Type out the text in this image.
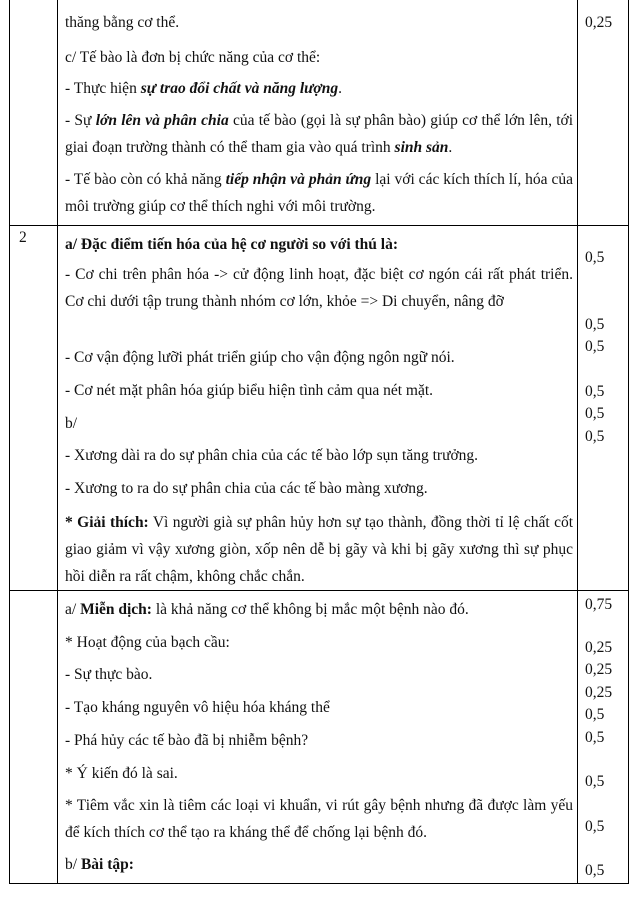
thăng bằng cơ thể.	0,25
c/ Tế bào là đơn bị chức năng của cơ thể:
- Thực hiện sự trao đổi chất và năng lượng.
- Sự lớn lên và phân chia của tế bào (gọi là sự phân bào) giúp cơ thể lớn lên, tới giai đoạn trường thành có thể tham gia vào quá trình sinh sản.
- Tế bào còn có khả năng tiếp nhận và phản ứng lại với các kích thích lí, hóa của môi trường giúp cơ thể thích nghi với môi trường.
2 a/ Đặc điểm tiến hóa của hệ cơ người so với thú là:
- Cơ chi trên phân hóa -> cử động linh hoạt, đặc biệt cơ ngón cái rất phát triển. Cơ chi dưới tập trung thành nhóm cơ lớn, khỏe => Di chuyển, nâng đỡ
- Cơ vận động lưỡi phát triển giúp cho vận động ngôn ngữ nói.
- Cơ nét mặt phân hóa giúp biểu hiện tình cảm qua nét mặt.
b/
- Xương dài ra do sự phân chia của các tế bào lớp sụn tăng trưởng.
- Xương to ra do sự phân chia của các tế bào màng xương.
* Giải thích: Vì người già sự phân hủy hơn sự tạo thành, đồng thời tỉ lệ chất cốt giao giảm vì vậy xương giòn, xốp nên dễ bị gãy và khi bị gãy xương thì sự phục hồi diễn ra rất chậm, không chắc chắn.
0,5
0,5
0,5
0,5
0,5
0,5
a/ Miễn dịch: là khả năng cơ thể không bị mắc một bệnh nào đó.
* Hoạt động của bạch cầu:
- Sự thực bào.
- Tạo kháng nguyên vô hiệu hóa kháng thể
- Phá hủy các tế bào đã bị nhiễm bệnh?
* Ý kiến đó là sai.
* Tiêm vắc xin là tiêm các loại vi khuẩn, vi rút gây bệnh nhưng đã được làm yếu để kích thích cơ thể tạo ra kháng thể để chống lại bệnh đó.
b/ Bài tập:
0,75
0,25
0,25
0,25
0,5
0,5
0,5
0,5
0,5
